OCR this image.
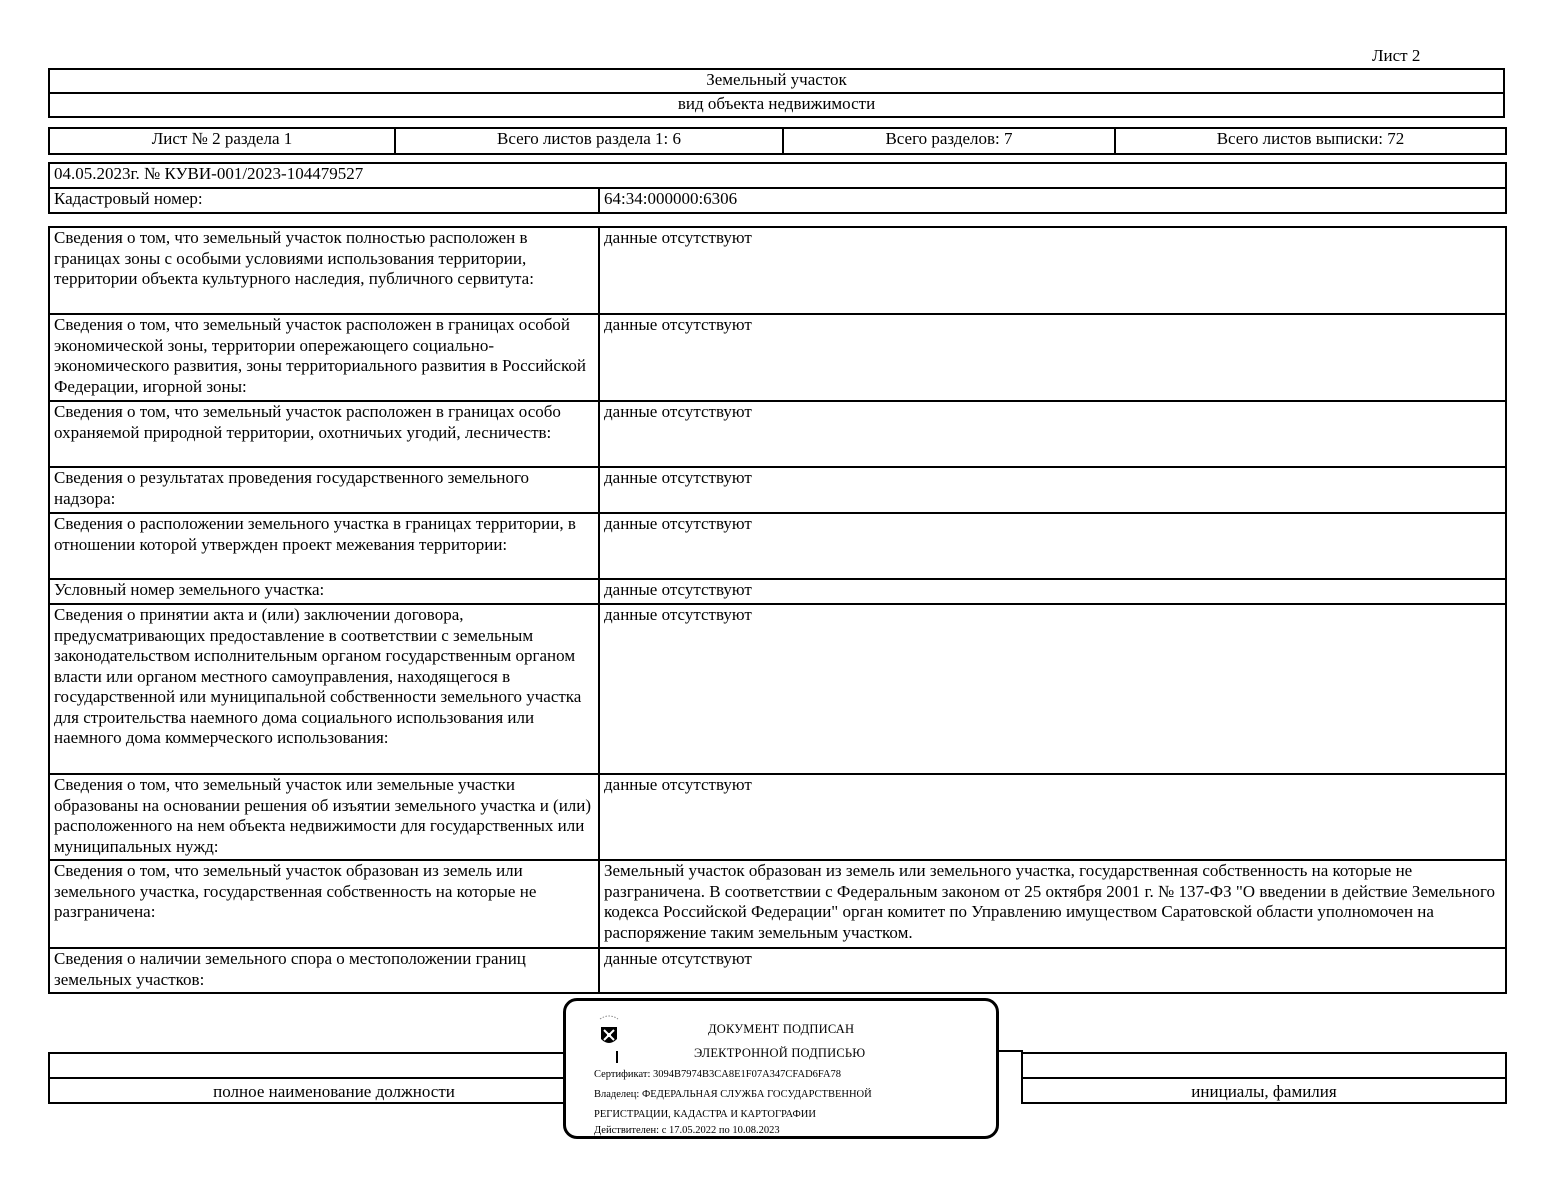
Лист 2
Земельный участок
вид объекта недвижимости
Лист № 2 раздела 1	Всего листов раздела 1: 6	Всего разделов: 7	Всего листов выписки: 72
04.05.2023г. № КУВИ-001/2023-104479527
Кадастровый номер:	64:34:000000:6306
Сведения о том, что земельный участок полностью расположен в границах зоны с особыми условиями использования территории, территории объекта культурного наследия, публичного сервитута:	данные отсутствуют
Сведения о том, что земельный участок расположен в границах особой экономической зоны, территории опережающего социально-экономического развития, зоны территориального развития в Российской Федерации, игорной зоны:	данные отсутствуют
Сведения о том, что земельный участок расположен в границах особо охраняемой природной территории, охотничьих угодий, лесничеств:	данные отсутствуют
Сведения о результатах проведения государственного земельного надзора:	данные отсутствуют
Сведения о расположении земельного участка в границах территории, в отношении которой утвержден проект межевания территории:	данные отсутствуют
Условный номер земельного участка:	данные отсутствуют
Сведения о принятии акта и (или) заключении договора, предусматривающих предоставление в соответствии с земельным законодательством исполнительным органом государственным органом власти или органом местного самоуправления, находящегося в государственной или муниципальной собственности земельного участка для строительства наемного дома социального использования или наемного дома коммерческого использования:	данные отсутствуют
Сведения о том, что земельный участок или земельные участки образованы на основании решения об изъятии земельного участка и (или) расположенного на нем объекта недвижимости для государственных или муниципальных нужд:	данные отсутствуют
Сведения о том, что земельный участок образован из земель или земельного участка, государственная собственность на которые не разграничена:	Земельный участок образован из земель или земельного участка, государственная собственность на которые не разграничена. В соответствии с Федеральным законом от 25 октября 2001 г. № 137-ФЗ "О введении в действие Земельного кодекса Российской Федерации" орган комитет по Управлению имуществом Саратовской области уполномочен на распоряжение таким земельным участком.
Сведения о наличии земельного спора о местоположении границ земельных участков:	данные отсутствуют

полное наименование должности		инициалы, фамилия
ДОКУМЕНТ ПОДПИСАН
ЭЛЕКТРОННОЙ ПОДПИСЬЮ
Сертификат: 3094B7974B3CA8E1F07A347CFAD6FA78
Владелец: ФЕДЕРАЛЬНАЯ СЛУЖБА ГОСУДАРСТВЕННОЙ
РЕГИСТРАЦИИ, КАДАСТРА И КАРТОГРАФИИ
Действителен: с 17.05.2022 по 10.08.2023
